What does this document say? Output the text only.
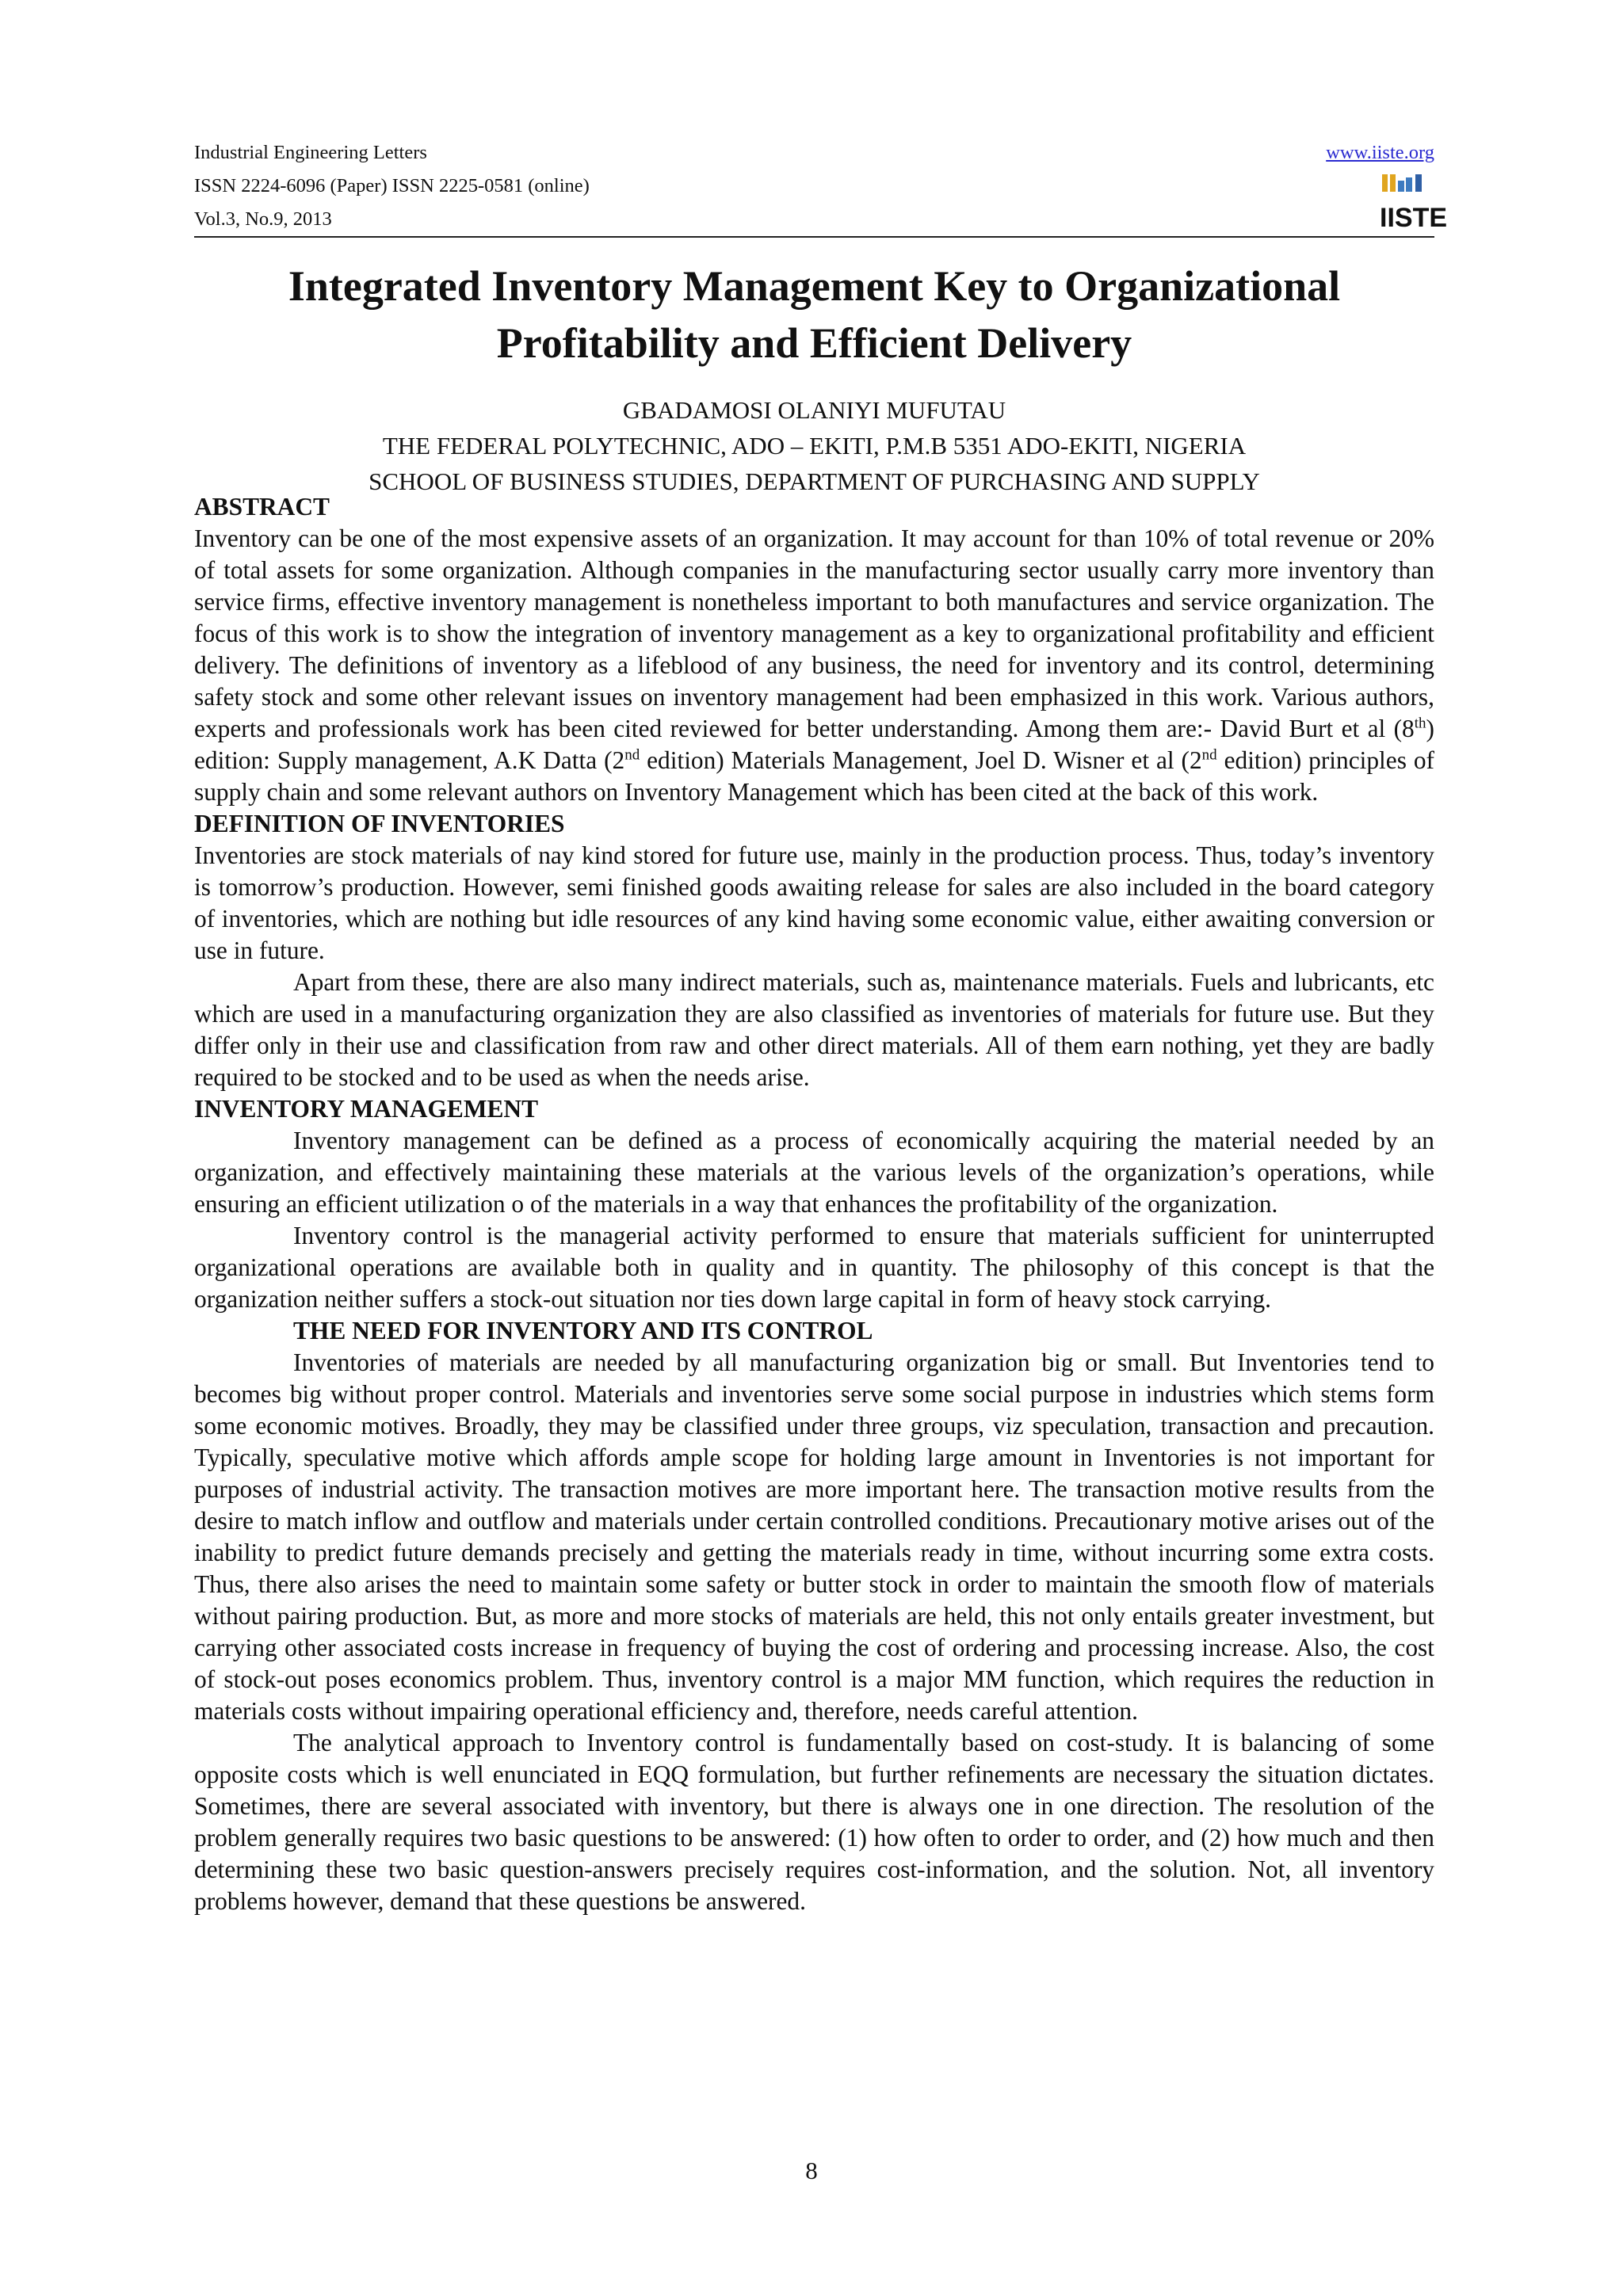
Industrial Engineering Letters
ISSN 2224-6096 (Paper) ISSN 2225-0581 (online)
Vol.3, No.9, 2013
www.iiste.org
IISTE
Integrated Inventory Management Key to Organizational
Profitability and Efficient Delivery
GBADAMOSI OLANIYI MUFUTAU
THE FEDERAL POLYTECHNIC, ADO – EKITI, P.M.B 5351 ADO-EKITI, NIGERIA
SCHOOL OF BUSINESS STUDIES, DEPARTMENT OF PURCHASING AND SUPPLY
ABSTRACT

Inventory can be one of the most expensive assets of an organization. It may account for than 10% of total revenue or 20% of total assets for some organization. Although companies in the manufacturing sector usually carry more inventory than service firms, effective inventory management is nonetheless important to both manufactures and service organization. The focus of this work is to show the integration of inventory management as a key to organizational profitability and efficient delivery. The definitions of inventory as a lifeblood of any business, the need for inventory and its control, determining safety stock and some other relevant issues on inventory management had been emphasized in this work. Various authors, experts and professionals work has been cited reviewed for better understanding. Among them are:- David Burt et al (8th) edition: Supply management, A.K Datta (2nd edition) Materials Management, Joel D. Wisner et al (2nd edition) principles of supply chain and some relevant authors on Inventory Management which has been cited at the back of this work.

DEFINITION OF INVENTORIES

Inventories are stock materials of nay kind stored for future use, mainly in the production process. Thus, today’s inventory is tomorrow’s production. However, semi finished goods awaiting release for sales are also included in the board category of inventories, which are nothing but idle resources of any kind having some economic value, either awaiting conversion or use in future.

Apart from these, there are also many indirect materials, such as, maintenance materials. Fuels and lubricants, etc which are used in a manufacturing organization they are also classified as inventories of materials for future use. But they differ only in their use and classification from raw and other direct materials. All of them earn nothing, yet they are badly required to be stocked and to be used as when the needs arise.

INVENTORY MANAGEMENT

Inventory management can be defined as a process of economically acquiring the material needed by an organization, and effectively maintaining these materials at the various levels of the organization’s operations, while ensuring an efficient utilization o of the materials in a way that enhances the profitability of the organization.

Inventory control is the managerial activity performed to ensure that materials sufficient for uninterrupted organizational operations are available both in quality and in quantity. The philosophy of this concept is that the organization neither suffers a stock-out situation nor ties down large capital in form of heavy stock carrying.

THE NEED FOR INVENTORY AND ITS CONTROL

Inventories of materials are needed by all manufacturing organization big or small. But Inventories tend to becomes big without proper control. Materials and inventories serve some social purpose in industries which stems form some economic motives. Broadly, they may be classified under three groups, viz speculation, transaction and precaution. Typically, speculative motive which affords ample scope for holding large amount in Inventories is not important for purposes of industrial activity. The transaction motives are more important here. The transaction motive results from the desire to match inflow and outflow and materials under certain controlled conditions. Precautionary motive arises out of the inability to predict future demands precisely and getting the materials ready in time, without incurring some extra costs. Thus, there also arises the need to maintain some safety or butter stock in order to maintain the smooth flow of materials without pairing production. But, as more and more stocks of materials are held, this not only entails greater investment, but carrying other associated costs increase in frequency of buying the cost of ordering and processing increase. Also, the cost of stock-out poses economics problem. Thus, inventory control is a major MM function, which requires the reduction in materials costs without impairing operational efficiency and, therefore, needs careful attention.

The analytical approach to Inventory control is fundamentally based on cost-study. It is balancing of some opposite costs which is well enunciated in EQQ formulation, but further refinements are necessary the situation dictates. Sometimes, there are several associated with inventory, but there is always one in one direction. The resolution of the problem generally requires two basic questions to be answered: (1) how often to order to order, and (2) how much and then determining these two basic question-answers precisely requires cost-information, and the solution. Not, all inventory problems however, demand that these questions be answered.

8
